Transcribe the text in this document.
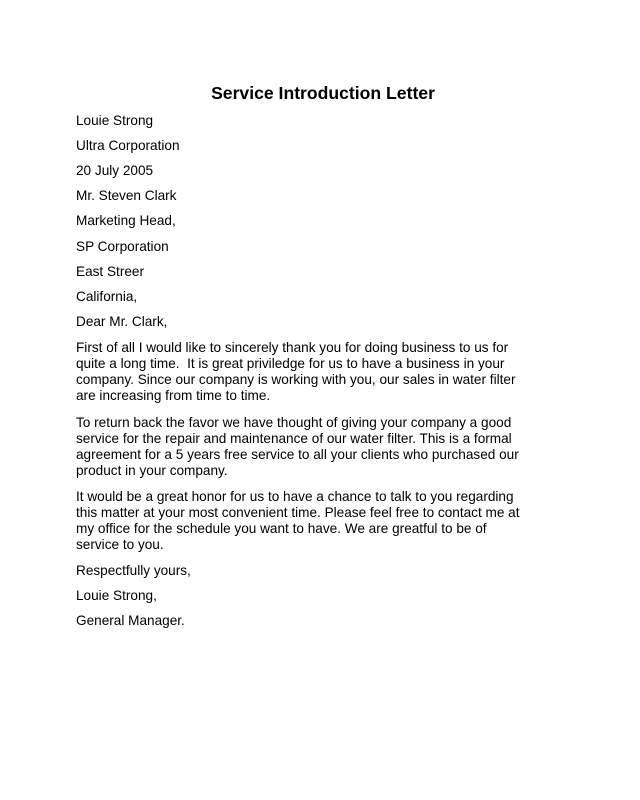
Service Introduction Letter
Louie Strong
Ultra Corporation
20 July 2005
Mr. Steven Clark
Marketing Head,
SP Corporation
East Streer
California,
Dear Mr. Clark,
First of all I would like to sincerely thank you for doing business to us for
quite a long time.  It is great priviledge for us to have a business in your
company. Since our company is working with you, our sales in water filter
are increasing from time to time.
To return back the favor we have thought of giving your company a good
service for the repair and maintenance of our water filter. This is a formal
agreement for a 5 years free service to all your clients who purchased our
product in your company.
It would be a great honor for us to have a chance to talk to you regarding
this matter at your most convenient time. Please feel free to contact me at
my office for the schedule you want to have. We are greatful to be of
service to you.
Respectfully yours,
Louie Strong,
General Manager.
